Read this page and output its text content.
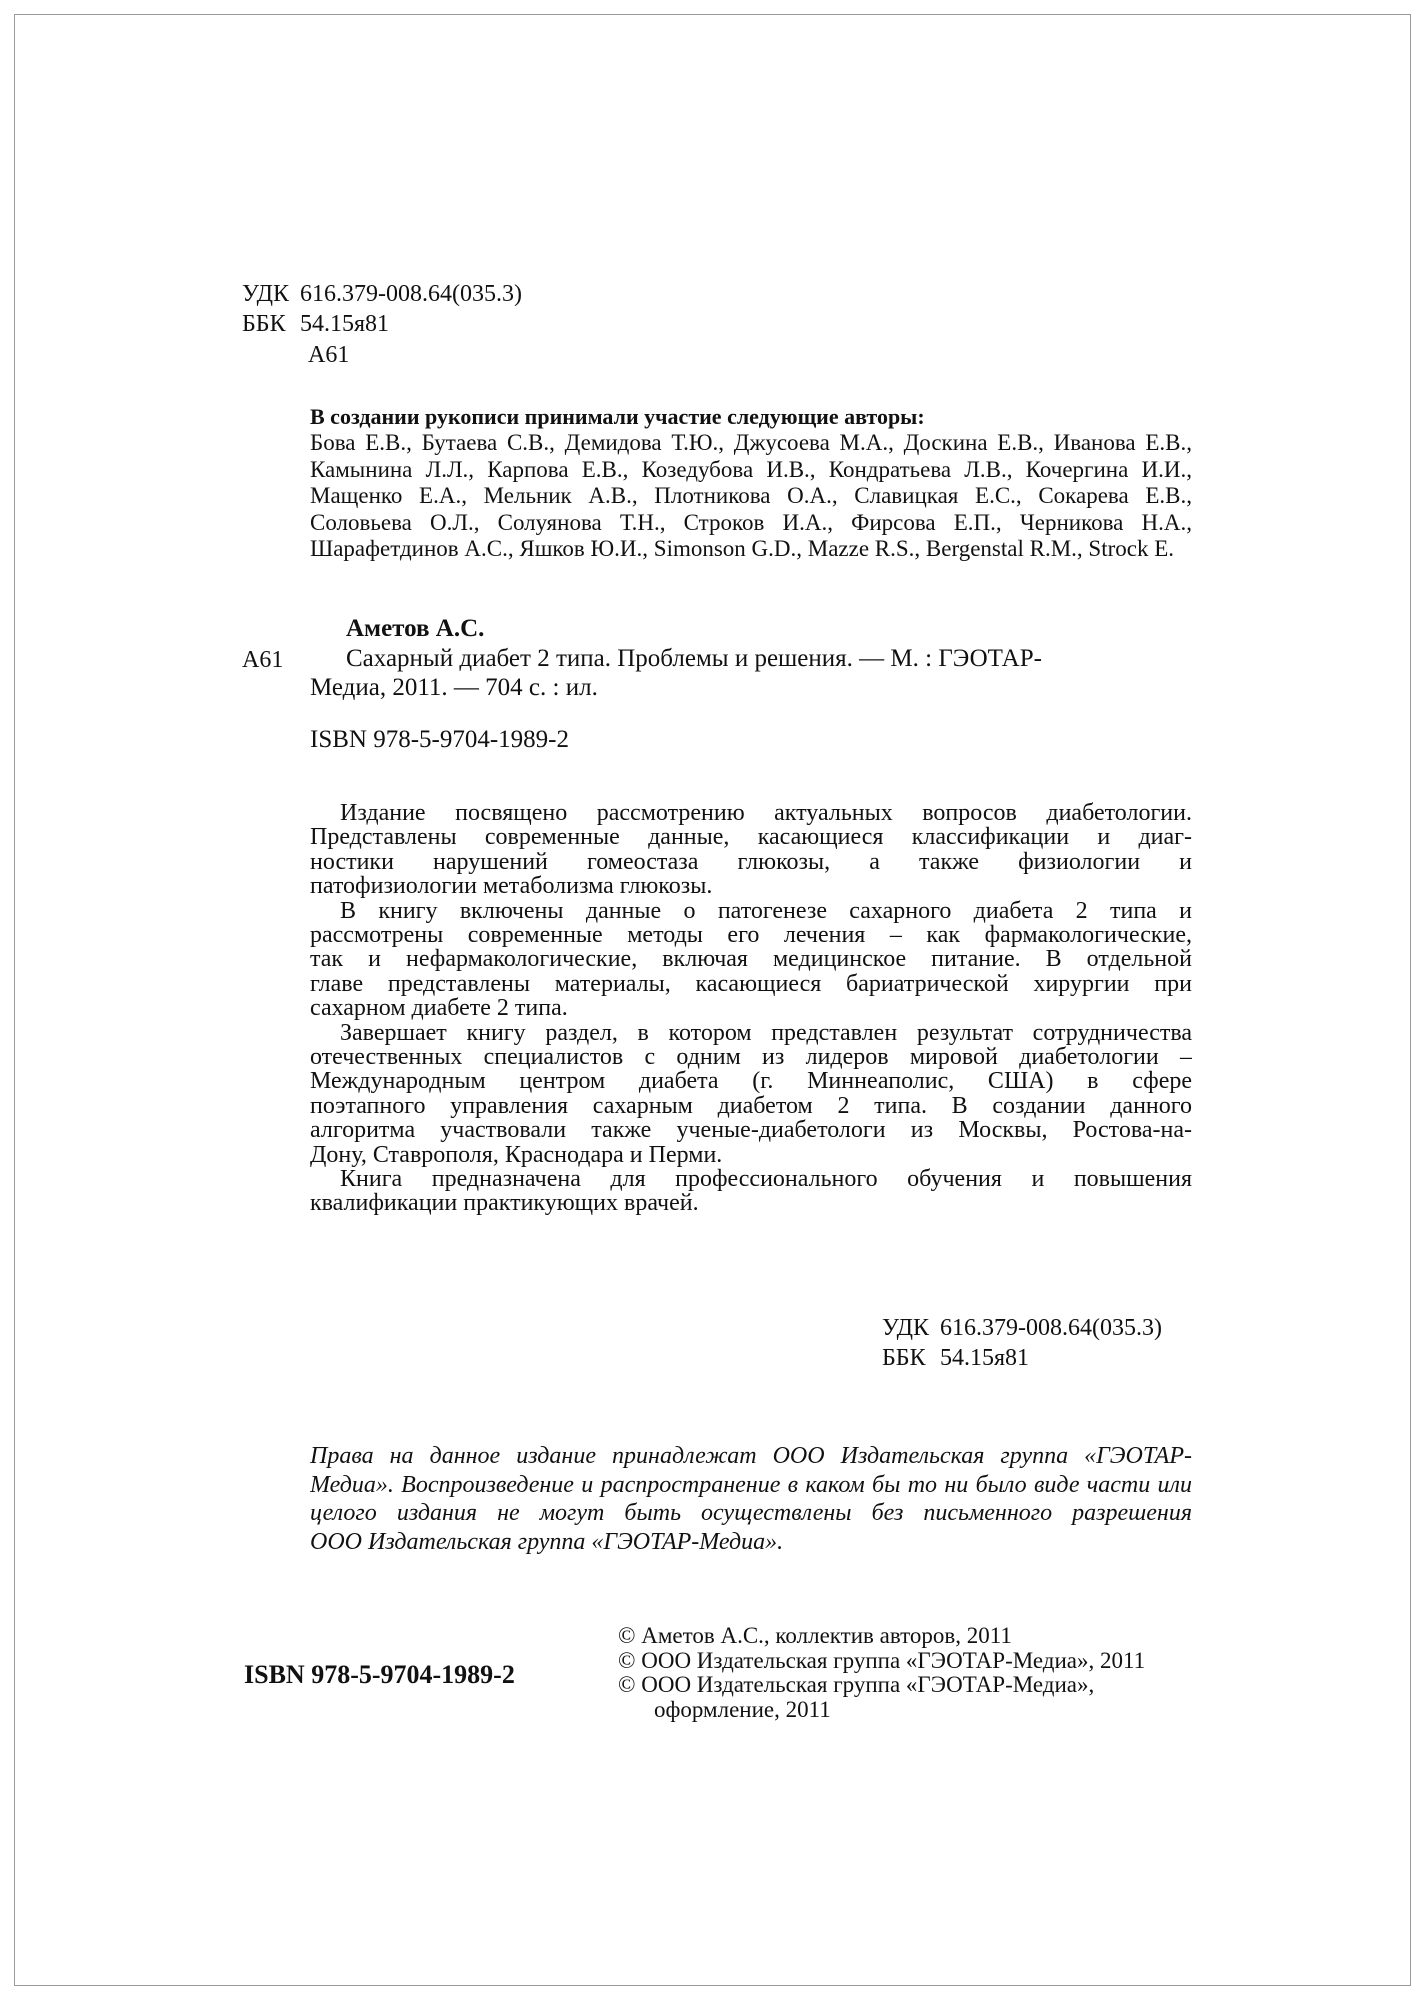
УДК 616.379-008.64(035.3)
ББК 54.15я81
А61
В создании рукописи принимали участие следующие авторы:
Бова Е.В., Бутаева С.В., Демидова Т.Ю., Джусоева М.А., Доскина Е.В., Иванова Е.В.,
Камынина Л.Л., Карпова Е.В., Козедубова И.В., Кондратьева Л.В., Кочергина И.И.,
Мащенко Е.А., Мельник А.В., Плотникова О.А., Славицкая Е.С., Сокарева Е.В.,
Соловьева О.Л., Солуянова Т.Н., Строков И.А., Фирсова Е.П., Черникова Н.А.,
Шарафетдинов А.С., Яшков Ю.И., Simonson G.D., Mazze R.S., Bergenstal R.M., Strock E.
Аметов А.С.
А61	Сахарный диабет 2 типа. Проблемы и решения. — М. : ГЭОТАР-
Медиа, 2011. — 704 с. : ил.
ISBN 978-5-9704-1989-2

Издание посвящено рассмотрению актуальных вопросов диабетологии.
Представлены современные данные, касающиеся классификации и диаг-
ностики нарушений гомеостаза глюкозы, а также физиологии и
патофизиологии метаболизма глюкозы.

В книгу включены данные о патогенезе сахарного диабета 2 типа и
рассмотрены современные методы его лечения – как фармакологические,
так и нефармакологические, включая медицинское питание. В отдельной
главе представлены материалы, касающиеся бариатрической хирургии при
сахарном диабете 2 типа.

Завершает книгу раздел, в котором представлен результат сотрудничества
отечественных специалистов с одним из лидеров мировой диабетологии –
Международным центром диабета (г. Миннеаполис, США) в сфере
поэтапного управления сахарным диабетом 2 типа. В создании данного
алгоритма участвовали также ученые-диабетологи из Москвы, Ростова-на-
Дону, Ставрополя, Краснодара и Перми.

Книга предназначена для профессионального обучения и повышения
квалификации практикующих врачей.

УДК 616.379-008.64(035.3)
ББК 54.15я81
Права на данное издание принадлежат ООО Издательская группа «ГЭОТАР-
Медиа». Воспроизведение и распространение в каком бы то ни было виде части или
целого издания не могут быть осуществлены без письменного разрешения
ООО Издательская группа «ГЭОТАР-Медиа».
ISBN 978-5-9704-1989-2
© Аметов А.С., коллектив авторов, 2011
© ООО Издательская группа «ГЭОТАР-Медиа», 2011
© ООО Издательская группа «ГЭОТАР-Медиа»,
оформление, 2011
